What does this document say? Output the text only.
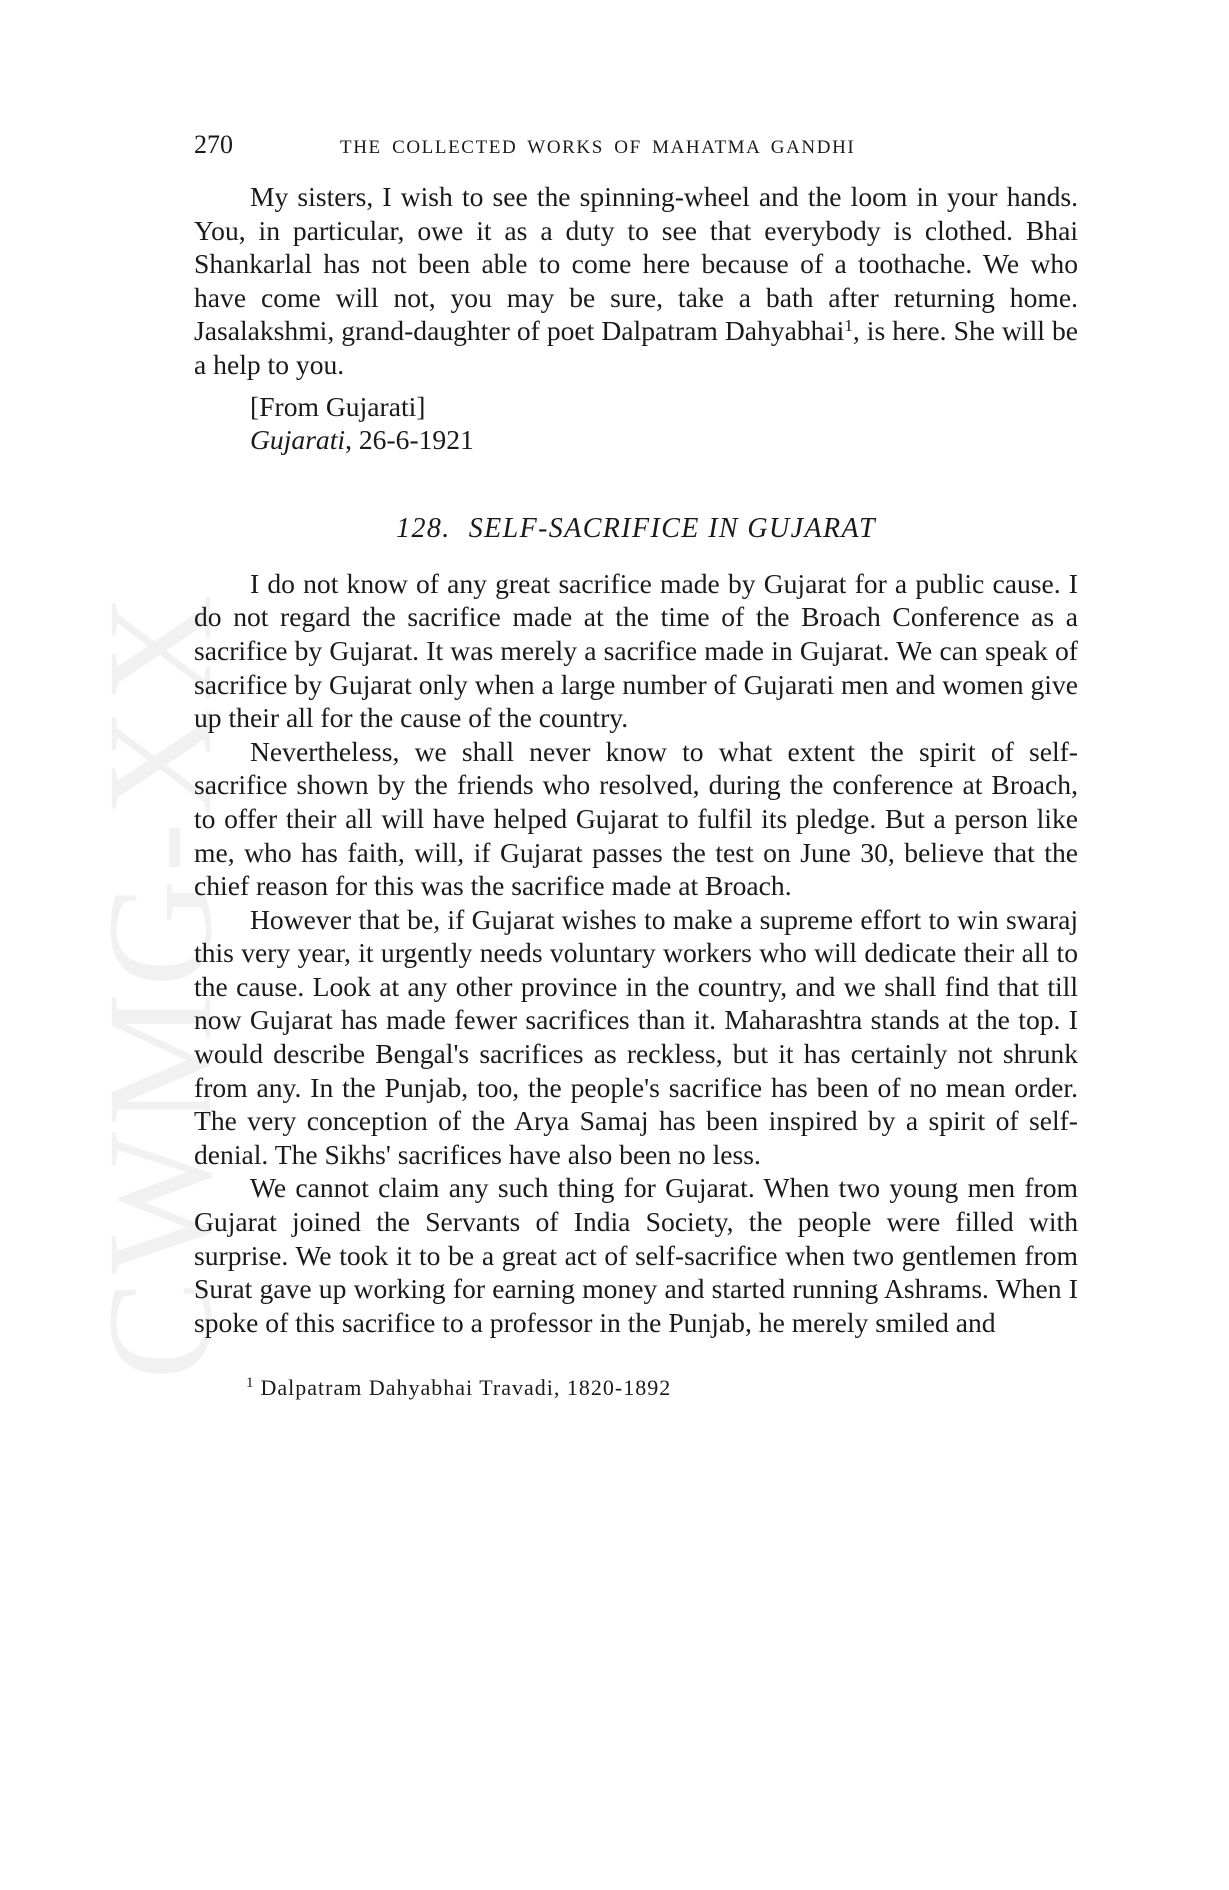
CWMG-XX
270	THE COLLECTED WORKS OF MAHATMA GANDHI

My sisters, I wish to see the spinning-wheel and the loom in your hands. You, in particular, owe it as a duty to see that everybody is clothed. Bhai Shankarlal has not been able to come here because of a toothache. We who have come will not, you may be sure, take a bath after returning home. Jasalakshmi, grand-daughter of poet Dalpatram Dahyabhai$^1$, is here. She will be a help to you.

[From Gujarati]
Gujarati, 26-6-1921
128. SELF-SACRIFICE IN GUJARAT

I do not know of any great sacrifice made by Gujarat for a public cause. I do not regard the sacrifice made at the time of the Broach Conference as a sacrifice by Gujarat. It was merely a sacrifice made in Gujarat. We can speak of sacrifice by Gujarat only when a large number of Gujarati men and women give up their all for the cause of the country.

Nevertheless, we shall never know to what extent the spirit of self-sacrifice shown by the friends who resolved, during the conference at Broach, to offer their all will have helped Gujarat to fulfil its pledge. But a person like me, who has faith, will, if Gujarat passes the test on June 30, believe that the chief reason for this was the sacrifice made at Broach.

However that be, if Gujarat wishes to make a supreme effort to win swaraj this very year, it urgently needs voluntary workers who will dedicate their all to the cause. Look at any other province in the country, and we shall find that till now Gujarat has made fewer sacrifices than it. Maharashtra stands at the top. I would describe Bengal's sacrifices as reckless, but it has certainly not shrunk from any. In the Punjab, too, the people's sacrifice has been of no mean order. The very conception of the Arya Samaj has been inspired by a spirit of self-denial. The Sikhs' sacrifices have also been no less.

We cannot claim any such thing for Gujarat. When two young men from Gujarat joined the Servants of India Society, the people were filled with surprise. We took it to be a great act of self-sacrifice when two gentlemen from Surat gave up working for earning money and started running Ashrams. When I spoke of this sacrifice to a professor in the Punjab, he merely smiled and

$^1$ Dalpatram Dahyabhai Travadi, 1820-1892
